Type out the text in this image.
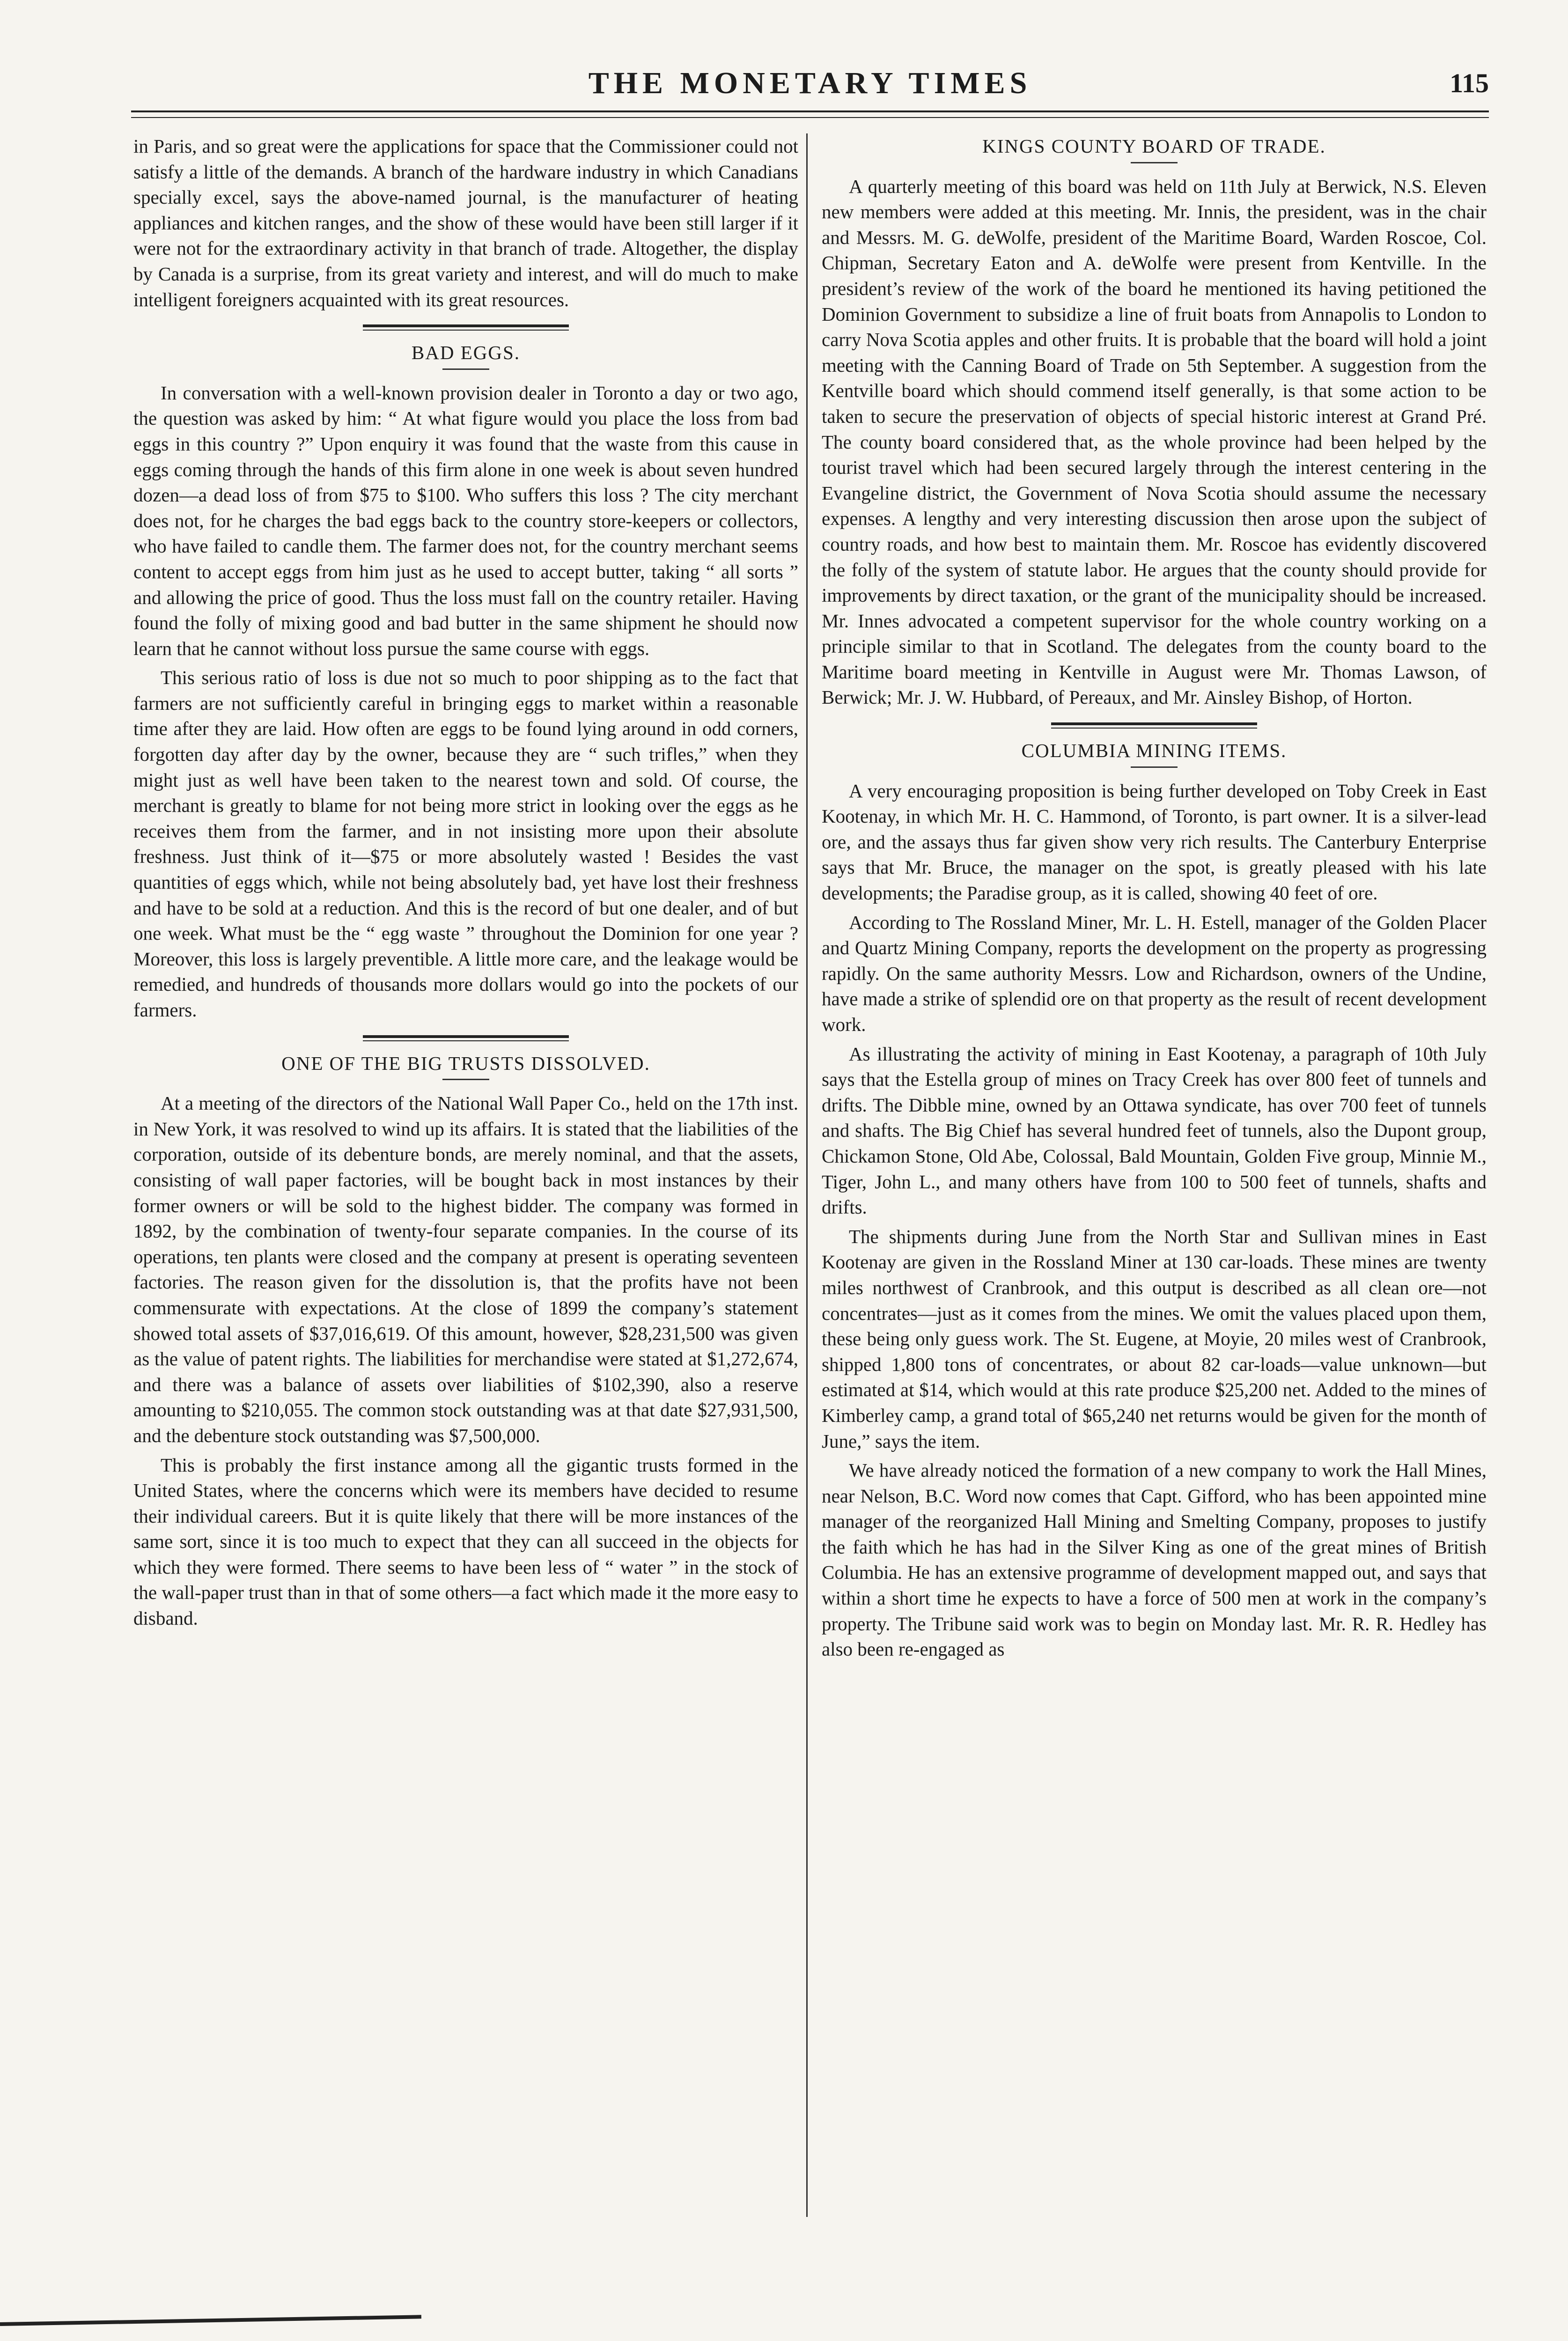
THE MONETARY TIMES	115

in Paris, and so great were the applications for space that the Commissioner could not satisfy a little of the demands. A branch of the hardware industry in which Canadians specially excel, says the above-named journal, is the manufacturer of heating appliances and kitchen ranges, and the show of these would have been still larger if it were not for the extraordinary activity in that branch of trade. Altogether, the display by Canada is a surprise, from its great variety and interest, and will do much to make intelligent foreigners acquainted with its great resources.

BAD EGGS.

In conversation with a well-known provision dealer in Toronto a day or two ago, the question was asked by him: “ At what figure would you place the loss from bad eggs in this country ?” Upon enquiry it was found that the waste from this cause in eggs coming through the hands of this firm alone in one week is about seven hundred dozen—a dead loss of from $75 to $100. Who suffers this loss ? The city merchant does not, for he charges the bad eggs back to the country store-keepers or collectors, who have failed to candle them. The farmer does not, for the country merchant seems content to accept eggs from him just as he used to accept butter, taking “ all sorts ” and allowing the price of good. Thus the loss must fall on the country retailer. Having found the folly of mixing good and bad butter in the same shipment he should now learn that he cannot without loss pursue the same course with eggs.

This serious ratio of loss is due not so much to poor shipping as to the fact that farmers are not sufficiently careful in bringing eggs to market within a reasonable time after they are laid. How often are eggs to be found lying around in odd corners, forgotten day after day by the owner, because they are “ such trifles,” when they might just as well have been taken to the nearest town and sold. Of course, the merchant is greatly to blame for not being more strict in looking over the eggs as he receives them from the farmer, and in not insisting more upon their absolute freshness. Just think of it—$75 or more absolutely wasted ! Besides the vast quantities of eggs which, while not being absolutely bad, yet have lost their freshness and have to be sold at a reduction. And this is the record of but one dealer, and of but one week. What must be the “ egg waste ” throughout the Dominion for one year ? Moreover, this loss is largely preventible. A little more care, and the leakage would be remedied, and hundreds of thousands more dollars would go into the pockets of our farmers.

ONE OF THE BIG TRUSTS DISSOLVED.

At a meeting of the directors of the National Wall Paper Co., held on the 17th inst. in New York, it was resolved to wind up its affairs. It is stated that the liabilities of the corporation, outside of its debenture bonds, are merely nominal, and that the assets, consisting of wall paper factories, will be bought back in most instances by their former owners or will be sold to the highest bidder. The company was formed in 1892, by the combination of twenty-four separate companies. In the course of its operations, ten plants were closed and the company at present is operating seventeen factories. The reason given for the dissolution is, that the profits have not been commensurate with expectations. At the close of 1899 the company’s statement showed total assets of $37,016,619. Of this amount, however, $28,231,500 was given as the value of patent rights. The liabilities for merchandise were stated at $1,272,674, and there was a balance of assets over liabilities of $102,390, also a reserve amounting to $210,055. The common stock outstanding was at that date $27,931,500, and the debenture stock outstanding was $7,500,000.

This is probably the first instance among all the gigantic trusts formed in the United States, where the concerns which were its members have decided to resume their individual careers. But it is quite likely that there will be more instances of the same sort, since it is too much to expect that they can all succeed in the objects for which they were formed. There seems to have been less of “ water ” in the stock of the wall-paper trust than in that of some others—a fact which made it the more easy to disband.

KINGS COUNTY BOARD OF TRADE.

A quarterly meeting of this board was held on 11th July at Berwick, N.S. Eleven new members were added at this meeting. Mr. Innis, the president, was in the chair and Messrs. M. G. deWolfe, president of the Maritime Board, Warden Roscoe, Col. Chipman, Secretary Eaton and A. deWolfe were present from Kentville. In the president’s review of the work of the board he mentioned its having petitioned the Dominion Government to subsidize a line of fruit boats from Annapolis to London to carry Nova Scotia apples and other fruits. It is probable that the board will hold a joint meeting with the Canning Board of Trade on 5th September. A suggestion from the Kentville board which should commend itself generally, is that some action to be taken to secure the preservation of objects of special historic interest at Grand Pré. The county board considered that, as the whole province had been helped by the tourist travel which had been secured largely through the interest centering in the Evangeline district, the Government of Nova Scotia should assume the necessary expenses. A lengthy and very interesting discussion then arose upon the subject of country roads, and how best to maintain them. Mr. Roscoe has evidently discovered the folly of the system of statute labor. He argues that the county should provide for improvements by direct taxation, or the grant of the municipality should be increased. Mr. Innes advocated a competent supervisor for the whole country working on a principle similar to that in Scotland. The delegates from the county board to the Maritime board meeting in Kentville in August were Mr. Thomas Lawson, of Berwick; Mr. J. W. Hubbard, of Pereaux, and Mr. Ainsley Bishop, of Horton.

COLUMBIA MINING ITEMS.

A very encouraging proposition is being further developed on Toby Creek in East Kootenay, in which Mr. H. C. Hammond, of Toronto, is part owner. It is a silver-lead ore, and the assays thus far given show very rich results. The Canterbury Enterprise says that Mr. Bruce, the manager on the spot, is greatly pleased with his late developments; the Paradise group, as it is called, showing 40 feet of ore.

According to The Rossland Miner, Mr. L. H. Estell, manager of the Golden Placer and Quartz Mining Company, reports the development on the property as progressing rapidly. On the same authority Messrs. Low and Richardson, owners of the Undine, have made a strike of splendid ore on that property as the result of recent development work.

As illustrating the activity of mining in East Kootenay, a paragraph of 10th July says that the Estella group of mines on Tracy Creek has over 800 feet of tunnels and drifts. The Dibble mine, owned by an Ottawa syndicate, has over 700 feet of tunnels and shafts. The Big Chief has several hundred feet of tunnels, also the Dupont group, Chickamon Stone, Old Abe, Colossal, Bald Mountain, Golden Five group, Minnie M., Tiger, John L., and many others have from 100 to 500 feet of tunnels, shafts and drifts.

The shipments during June from the North Star and Sullivan mines in East Kootenay are given in the Rossland Miner at 130 car-loads. These mines are twenty miles northwest of Cranbrook, and this output is described as all clean ore—not concentrates—just as it comes from the mines. We omit the values placed upon them, these being only guess work. The St. Eugene, at Moyie, 20 miles west of Cranbrook, shipped 1,800 tons of concentrates, or about 82 car-loads—value unknown—but estimated at $14, which would at this rate produce $25,200 net. Added to the mines of Kimberley camp, a grand total of $65,240 net returns would be given for the month of June,” says the item.

We have already noticed the formation of a new company to work the Hall Mines, near Nelson, B.C. Word now comes that Capt. Gifford, who has been appointed mine manager of the reorganized Hall Mining and Smelting Company, proposes to justify the faith which he has had in the Silver King as one of the great mines of British Columbia. He has an extensive programme of development mapped out, and says that within a short time he expects to have a force of 500 men at work in the company’s property. The Tribune said work was to begin on Monday last. Mr. R. R. Hedley has also been re-engaged as
